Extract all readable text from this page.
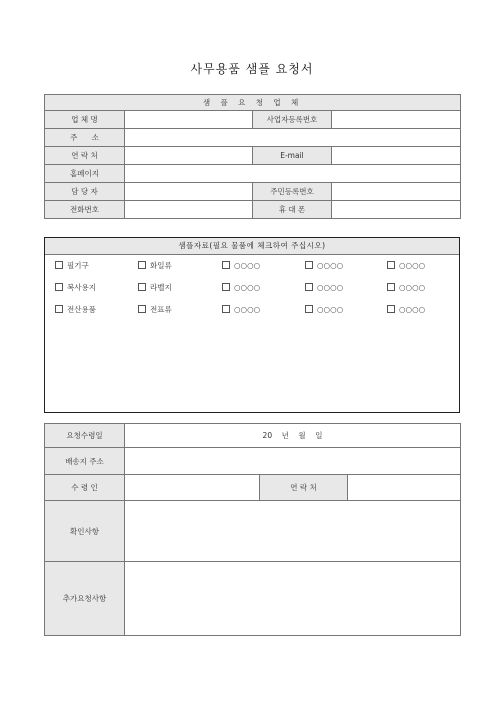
사무용품 샘플 요청서
샘 플 요 청 업 체			
업 체 명		사업자등록번호	
주      소			
연 락 처		E-mail	
홈페이지			
담 당 자		주민등록번호	
전화번호		휴 대 폰	
샘플자료(필요 물품에 체크하여 주십시오)
필기구	화일류	○○○○	○○○○	○○○○
복사용지	라벨지	○○○○	○○○○	○○○○
전산용품	전표류	○○○○	○○○○	○○○○
요청수령일	20    년    월    일		
배송지 주소			
수 령 인		연 락 처	
확인사항			
추가요청사항			
